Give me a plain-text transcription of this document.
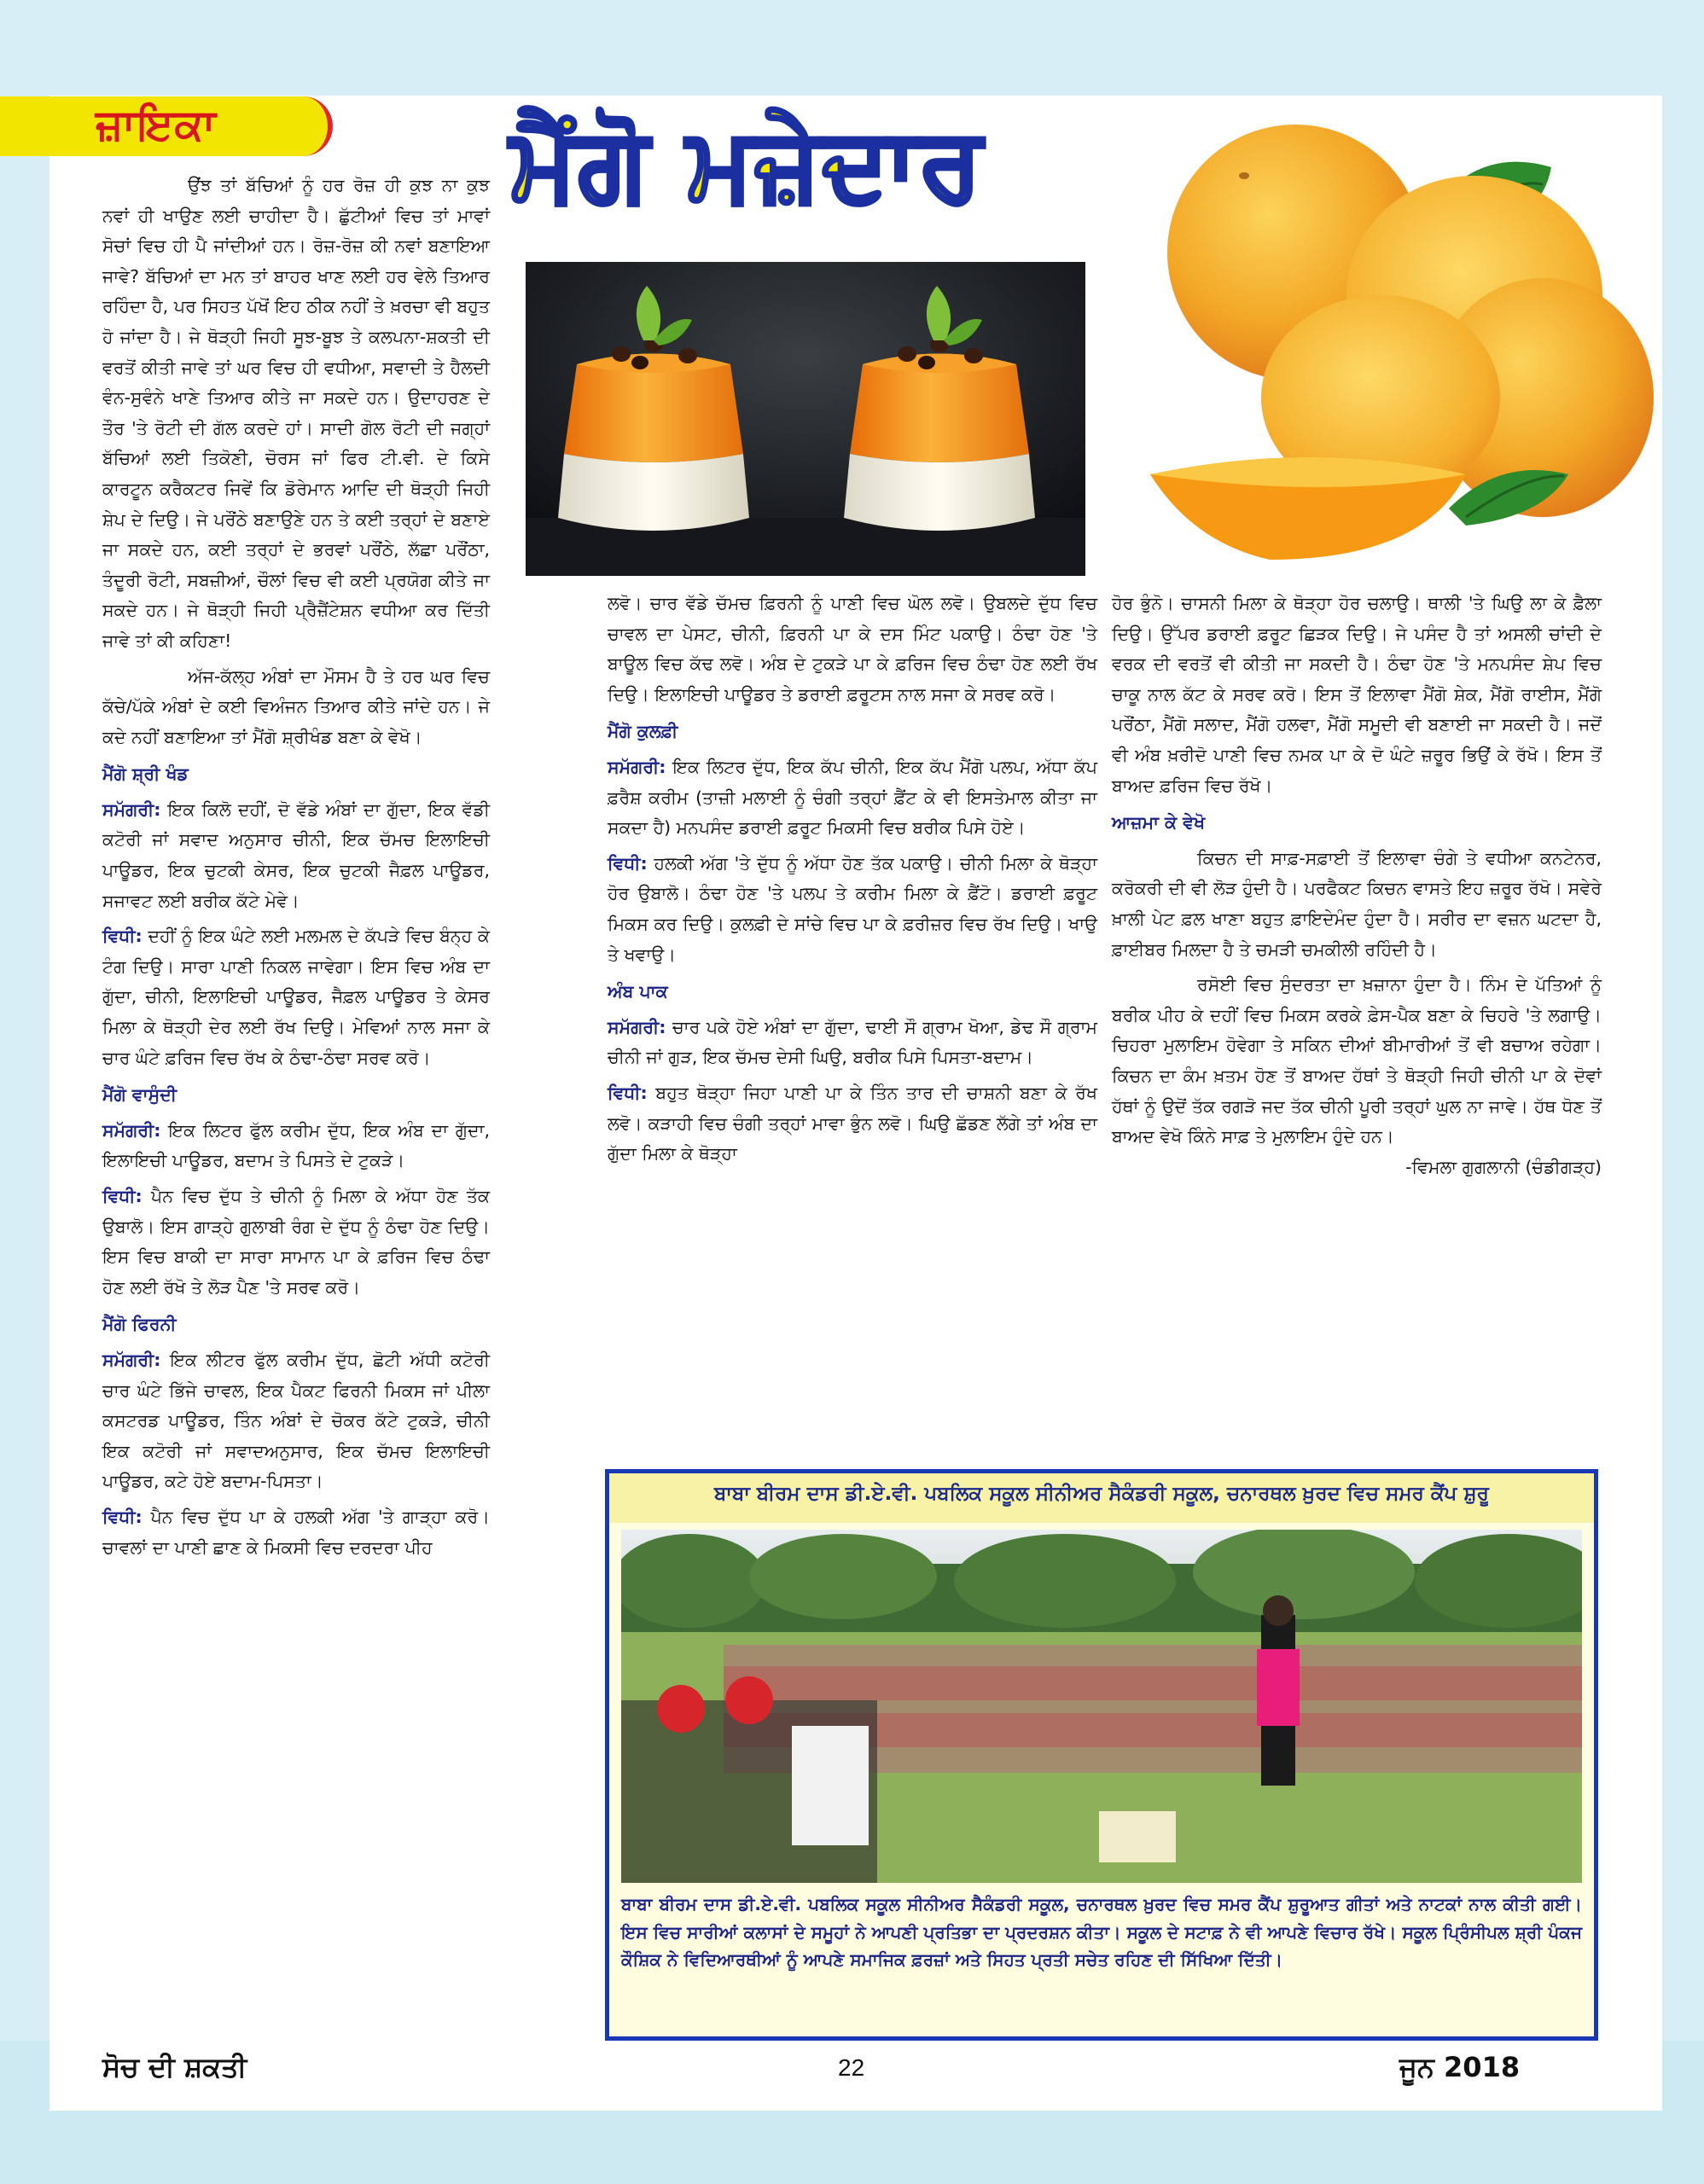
ਜ਼ਾਇਕਾ	ਮੈਂਗੋ ਮਜ਼ੇਦਾਰ

ਉਂਝ ਤਾਂ ਬੱਚਿਆਂ ਨੂੰ ਹਰ ਰੋਜ਼ ਹੀ ਕੁਝ ਨਾ ਕੁਝ ਨਵਾਂ ਹੀ ਖਾਉਣ ਲਈ ਚਾਹੀਦਾ ਹੈ। ਛੁੱਟੀਆਂ ਵਿਚ ਤਾਂ ਮਾਵਾਂ ਸੋਚਾਂ ਵਿਚ ਹੀ ਪੈ ਜਾਂਦੀਆਂ ਹਨ। ਰੋਜ਼-ਰੋਜ਼ ਕੀ ਨਵਾਂ ਬਣਾਇਆ ਜਾਵੇ? ਬੱਚਿਆਂ ਦਾ ਮਨ ਤਾਂ ਬਾਹਰ ਖਾਣ ਲਈ ਹਰ ਵੇਲੇ ਤਿਆਰ ਰਹਿੰਦਾ ਹੈ, ਪਰ ਸਿਹਤ ਪੱਖੋਂ ਇਹ ਠੀਕ ਨਹੀਂ ਤੇ ਖ਼ਰਚਾ ਵੀ ਬਹੁਤ ਹੋ ਜਾਂਦਾ ਹੈ। ਜੇ ਥੋੜ੍ਹੀ ਜਿਹੀ ਸੂਝ-ਬੂਝ ਤੇ ਕਲਪਨਾ-ਸ਼ਕਤੀ ਦੀ ਵਰਤੋਂ ਕੀਤੀ ਜਾਵੇ ਤਾਂ ਘਰ ਵਿਚ ਹੀ ਵਧੀਆ, ਸਵਾਦੀ ਤੇ ਹੈਲਦੀ ਵੰਨ-ਸੁਵੰਨੇ ਖਾਣੇ ਤਿਆਰ ਕੀਤੇ ਜਾ ਸਕਦੇ ਹਨ। ਉਦਾਹਰਣ ਦੇ ਤੌਰ 'ਤੇ ਰੋਟੀ ਦੀ ਗੱਲ ਕਰਦੇ ਹਾਂ। ਸਾਦੀ ਗੋਲ ਰੋਟੀ ਦੀ ਜਗ੍ਹਾਂ ਬੱਚਿਆਂ ਲਈ ਤਿਕੋਣੀ, ਚੋਰਸ ਜਾਂ ਫਿਰ ਟੀ.ਵੀ. ਦੇ ਕਿਸੇ ਕਾਰਟੂਨ ਕਰੈਕਟਰ ਜਿਵੇਂ ਕਿ ਡੋਰੇਮਾਨ ਆਦਿ ਦੀ ਥੋੜ੍ਹੀ ਜਿਹੀ ਸ਼ੇਪ ਦੇ ਦਿਉ। ਜੇ ਪਰੌਂਠੇ ਬਣਾਉਣੇ ਹਨ ਤੇ ਕਈ ਤਰ੍ਹਾਂ ਦੇ ਬਣਾਏ ਜਾ ਸਕਦੇ ਹਨ, ਕਈ ਤਰ੍ਹਾਂ ਦੇ ਭਰਵਾਂ ਪਰੌਂਠੇ, ਲੱਛਾ ਪਰੌਂਠਾ, ਤੰਦੂਰੀ ਰੋਟੀ, ਸਬਜ਼ੀਆਂ, ਚੌਲਾਂ ਵਿਚ ਵੀ ਕਈ ਪ੍ਰਯੋਗ ਕੀਤੇ ਜਾ ਸਕਦੇ ਹਨ। ਜੇ ਥੋੜ੍ਹੀ ਜਿਹੀ ਪ੍ਰੈਜ਼ੈਂਟੇਸ਼ਨ ਵਧੀਆ ਕਰ ਦਿੱਤੀ ਜਾਵੇ ਤਾਂ ਕੀ ਕਹਿਣਾ!

ਅੱਜ-ਕੱਲ੍ਹ ਅੰਬਾਂ ਦਾ ਮੌਸਮ ਹੈ ਤੇ ਹਰ ਘਰ ਵਿਚ ਕੱਚੇ/ਪੱਕੇ ਅੰਬਾਂ ਦੇ ਕਈ ਵਿਅੰਜਨ ਤਿਆਰ ਕੀਤੇ ਜਾਂਦੇ ਹਨ। ਜੇ ਕਦੇ ਨਹੀਂ ਬਣਾਇਆ ਤਾਂ ਮੈਂਗੋ ਸ਼੍ਰੀਖੰਡ ਬਣਾ ਕੇ ਵੇਖੋ।

ਮੈਂਗੋ ਸ਼੍ਰੀ ਖੰਡ

ਸਮੱਗਰੀ: ਇਕ ਕਿਲੋ ਦਹੀਂ, ਦੋ ਵੱਡੇ ਅੰਬਾਂ ਦਾ ਗੁੱਦਾ, ਇਕ ਵੱਡੀ ਕਟੋਰੀ ਜਾਂ ਸਵਾਦ ਅਨੁਸਾਰ ਚੀਨੀ, ਇਕ ਚੱਮਚ ਇਲਾਇਚੀ ਪਾਊਡਰ, ਇਕ ਚੁਟਕੀ ਕੇਸਰ, ਇਕ ਚੁਟਕੀ ਜੈਫ਼ਲ ਪਾਊਡਰ, ਸਜਾਵਟ ਲਈ ਬਰੀਕ ਕੱਟੇ ਮੇਵੇ।

ਵਿਧੀ: ਦਹੀਂ ਨੂੰ ਇਕ ਘੰਟੇ ਲਈ ਮਲਮਲ ਦੇ ਕੱਪੜੇ ਵਿਚ ਬੰਨ੍ਹ ਕੇ ਟੰਗ ਦਿਉ। ਸਾਰਾ ਪਾਣੀ ਨਿਕਲ ਜਾਵੇਗਾ। ਇਸ ਵਿਚ ਅੰਬ ਦਾ ਗੁੱਦਾ, ਚੀਨੀ, ਇਲਾਇਚੀ ਪਾਊਡਰ, ਜੈਫ਼ਲ ਪਾਊਡਰ ਤੇ ਕੇਸਰ ਮਿਲਾ ਕੇ ਥੋੜ੍ਹੀ ਦੇਰ ਲਈ ਰੱਖ ਦਿਉ। ਮੇਵਿਆਂ ਨਾਲ ਸਜਾ ਕੇ ਚਾਰ ਘੰਟੇ ਫ਼ਰਿਜ ਵਿਚ ਰੱਖ ਕੇ ਠੰਢਾ-ਠੰਢਾ ਸਰਵ ਕਰੋ।

ਮੈਂਗੋ ਵਾਸੁੰਦੀ

ਸਮੱਗਰੀ: ਇਕ ਲਿਟਰ ਫੁੱਲ ਕਰੀਮ ਦੁੱਧ, ਇਕ ਅੰਬ ਦਾ ਗੁੱਦਾ, ਇਲਾਇਚੀ ਪਾਊਡਰ, ਬਦਾਮ ਤੇ ਪਿਸਤੇ ਦੇ ਟੁਕੜੇ।

ਵਿਧੀ: ਪੈਨ ਵਿਚ ਦੁੱਧ ਤੇ ਚੀਨੀ ਨੂੰ ਮਿਲਾ ਕੇ ਅੱਧਾ ਹੋਣ ਤੱਕ ਉਬਾਲੋ। ਇਸ ਗਾੜ੍ਹੇ ਗੁਲਾਬੀ ਰੰਗ ਦੇ ਦੁੱਧ ਨੂੰ ਠੰਢਾ ਹੋਣ ਦਿਉ। ਇਸ ਵਿਚ ਬਾਕੀ ਦਾ ਸਾਰਾ ਸਾਮਾਨ ਪਾ ਕੇ ਫ਼ਰਿਜ ਵਿਚ ਠੰਢਾ ਹੋਣ ਲਈ ਰੱਖੋ ਤੇ ਲੋੜ ਪੈਣ 'ਤੇ ਸਰਵ ਕਰੋ।

ਮੈਂਗੋ ਫਿਰਨੀ

ਸਮੱਗਰੀ: ਇਕ ਲੀਟਰ ਫੁੱਲ ਕਰੀਮ ਦੁੱਧ, ਛੋਟੀ ਅੱਧੀ ਕਟੋਰੀ ਚਾਰ ਘੰਟੇ ਭਿੱਜੇ ਚਾਵਲ, ਇਕ ਪੈਕਟ ਫਿਰਨੀ ਮਿਕਸ ਜਾਂ ਪੀਲਾ ਕਸਟਰਡ ਪਾਊਡਰ, ਤਿੰਨ ਅੰਬਾਂ ਦੇ ਚੋਕਰ ਕੱਟੇ ਟੁਕੜੇ, ਚੀਨੀ ਇਕ ਕਟੋਰੀ ਜਾਂ ਸਵਾਦਅਨੁਸਾਰ, ਇਕ ਚੱਮਚ ਇਲਾਇਚੀ ਪਾਊਡਰ, ਕਟੇ ਹੋਏ ਬਦਾਮ-ਪਿਸਤਾ।

ਵਿਧੀ: ਪੈਨ ਵਿਚ ਦੁੱਧ ਪਾ ਕੇ ਹਲਕੀ ਅੱਗ 'ਤੇ ਗਾੜ੍ਹਾ ਕਰੋ। ਚਾਵਲਾਂ ਦਾ ਪਾਣੀ ਛਾਣ ਕੇ ਮਿਕਸੀ ਵਿਚ ਦਰਦਰਾ ਪੀਹ

ਲਵੋ। ਚਾਰ ਵੱਡੇ ਚੱਮਚ ਫ਼ਿਰਨੀ ਨੂੰ ਪਾਣੀ ਵਿਚ ਘੋਲ ਲਵੋ। ਉਬਲਦੇ ਦੁੱਧ ਵਿਚ ਚਾਵਲ ਦਾ ਪੇਸਟ, ਚੀਨੀ, ਫ਼ਿਰਨੀ ਪਾ ਕੇ ਦਸ ਮਿੰਟ ਪਕਾਉ। ਠੰਢਾ ਹੋਣ 'ਤੇ ਬਾਊਲ ਵਿਚ ਕੱਢ ਲਵੋ। ਅੰਬ ਦੇ ਟੁਕੜੇ ਪਾ ਕੇ ਫ਼ਰਿਜ ਵਿਚ ਠੰਢਾ ਹੋਣ ਲਈ ਰੱਖ ਦਿਉ। ਇਲਾਇਚੀ ਪਾਊਡਰ ਤੇ ਡਰਾਈ ਫ਼ਰੂਟਸ ਨਾਲ ਸਜਾ ਕੇ ਸਰਵ ਕਰੋ।

ਮੈਂਗੋ ਕੁਲਫ਼ੀ

ਸਮੱਗਰੀ: ਇਕ ਲਿਟਰ ਦੁੱਧ, ਇਕ ਕੱਪ ਚੀਨੀ, ਇਕ ਕੱਪ ਮੈਂਗੋ ਪਲਪ, ਅੱਧਾ ਕੱਪ ਫ਼ਰੈਸ਼ ਕਰੀਮ (ਤਾਜ਼ੀ ਮਲਾਈ ਨੂੰ ਚੰਗੀ ਤਰ੍ਹਾਂ ਫ਼ੈਂਟ ਕੇ ਵੀ ਇਸਤੇਮਾਲ ਕੀਤਾ ਜਾ ਸਕਦਾ ਹੈ) ਮਨਪਸੰਦ ਡਰਾਈ ਫ਼ਰੂਟ ਮਿਕਸੀ ਵਿਚ ਬਰੀਕ ਪਿਸੇ ਹੋਏ।

ਵਿਧੀ: ਹਲਕੀ ਅੱਗ 'ਤੇ ਦੁੱਧ ਨੂੰ ਅੱਧਾ ਹੋਣ ਤੱਕ ਪਕਾਉ। ਚੀਨੀ ਮਿਲਾ ਕੇ ਥੋੜ੍ਹਾ ਹੋਰ ਉਬਾਲੋ। ਠੰਢਾ ਹੋਣ 'ਤੇ ਪਲਪ ਤੇ ਕਰੀਮ ਮਿਲਾ ਕੇ ਫ਼ੈਂਟੋ। ਡਰਾਈ ਫ਼ਰੂਟ ਮਿਕਸ ਕਰ ਦਿਉ। ਕੁਲਫ਼ੀ ਦੇ ਸਾਂਚੇ ਵਿਚ ਪਾ ਕੇ ਫ਼ਰੀਜ਼ਰ ਵਿਚ ਰੱਖ ਦਿਉ। ਖਾਉ ਤੇ ਖਵਾਉ।

ਅੰਬ ਪਾਕ

ਸਮੱਗਰੀ: ਚਾਰ ਪਕੇ ਹੋਏ ਅੰਬਾਂ ਦਾ ਗੁੱਦਾ, ਢਾਈ ਸੌ ਗ੍ਰਾਮ ਖੋਆ, ਡੇਢ ਸੌ ਗ੍ਰਾਮ ਚੀਨੀ ਜਾਂ ਗੁੜ, ਇਕ ਚੱਮਚ ਦੇਸੀ ਘਿਉ, ਬਰੀਕ ਪਿਸੇ ਪਿਸਤਾ-ਬਦਾਮ।

ਵਿਧੀ: ਬਹੁਤ ਥੋੜ੍ਹਾ ਜਿਹਾ ਪਾਣੀ ਪਾ ਕੇ ਤਿੰਨ ਤਾਰ ਦੀ ਚਾਸ਼ਨੀ ਬਣਾ ਕੇ ਰੱਖ ਲਵੋ। ਕੜਾਹੀ ਵਿਚ ਚੰਗੀ ਤਰ੍ਹਾਂ ਮਾਵਾ ਭੁੰਨ ਲਵੋ। ਘਿਉ ਛੱਡਣ ਲੱਗੇ ਤਾਂ ਅੰਬ ਦਾ ਗੁੱਦਾ ਮਿਲਾ ਕੇ ਥੋੜ੍ਹਾ

ਹੋਰ ਭੁੰਨੋ। ਚਾਸਨੀ ਮਿਲਾ ਕੇ ਥੋੜ੍ਹਾ ਹੋਰ ਚਲਾਉ। ਥਾਲੀ 'ਤੇ ਘਿਉ ਲਾ ਕੇ ਫ਼ੈਲਾ ਦਿਉ। ਉੱਪਰ ਡਰਾਈ ਫ਼ਰੂਟ ਛਿੜਕ ਦਿਉ। ਜੇ ਪਸੰਦ ਹੈ ਤਾਂ ਅਸਲੀ ਚਾਂਦੀ ਦੇ ਵਰਕ ਦੀ ਵਰਤੋਂ ਵੀ ਕੀਤੀ ਜਾ ਸਕਦੀ ਹੈ। ਠੰਢਾ ਹੋਣ 'ਤੇ ਮਨਪਸੰਦ ਸ਼ੇਪ ਵਿਚ ਚਾਕੂ ਨਾਲ ਕੱਟ ਕੇ ਸਰਵ ਕਰੋ। ਇਸ ਤੋਂ ਇਲਾਵਾ ਮੈਂਗੋ ਸ਼ੇਕ, ਮੈਂਗੋ ਰਾਈਸ, ਮੈਂਗੋ ਪਰੌਂਠਾ, ਮੈਂਗੋ ਸਲਾਦ, ਮੈਂਗੋ ਹਲਵਾ, ਮੈਂਗੋ ਸਮੂਦੀ ਵੀ ਬਣਾਈ ਜਾ ਸਕਦੀ ਹੈ। ਜਦੋਂ ਵੀ ਅੰਬ ਖ਼ਰੀਦੋ ਪਾਣੀ ਵਿਚ ਨਮਕ ਪਾ ਕੇ ਦੋ ਘੰਟੇ ਜ਼ਰੂਰ ਭਿਉਂ ਕੇ ਰੱਖੋ। ਇਸ ਤੋਂ ਬਾਅਦ ਫ਼ਰਿਜ ਵਿਚ ਰੱਖੋ।

ਆਜ਼ਮਾ ਕੇ ਵੇਖੋ

ਕਿਚਨ ਦੀ ਸਾਫ਼-ਸਫ਼ਾਈ ਤੋਂ ਇਲਾਵਾ ਚੰਗੇ ਤੇ ਵਧੀਆ ਕਨਟੇਨਰ, ਕਰੋਕਰੀ ਦੀ ਵੀ ਲੋੜ ਹੁੰਦੀ ਹੈ। ਪਰਫੈਕਟ ਕਿਚਨ ਵਾਸਤੇ ਇਹ ਜ਼ਰੂਰ ਰੱਖੋ। ਸਵੇਰੇ ਖ਼ਾਲੀ ਪੇਟ ਫ਼ਲ ਖਾਣਾ ਬਹੁਤ ਫ਼ਾਇਦੇਮੰਦ ਹੁੰਦਾ ਹੈ। ਸਰੀਰ ਦਾ ਵਜ਼ਨ ਘਟਦਾ ਹੈ, ਫ਼ਾਈਬਰ ਮਿਲਦਾ ਹੈ ਤੇ ਚਮੜੀ ਚਮਕੀਲੀ ਰਹਿੰਦੀ ਹੈ।

ਰਸੋਈ ਵਿਚ ਸੁੰਦਰਤਾ ਦਾ ਖ਼ਜ਼ਾਨਾ ਹੁੰਦਾ ਹੈ। ਨਿੰਮ ਦੇ ਪੱਤਿਆਂ ਨੂੰ ਬਰੀਕ ਪੀਹ ਕੇ ਦਹੀਂ ਵਿਚ ਮਿਕਸ ਕਰਕੇ ਫ਼ੇਸ-ਪੈਕ ਬਣਾ ਕੇ ਚਿਹਰੇ 'ਤੇ ਲਗਾਉ। ਚਿਹਰਾ ਮੁਲਾਇਮ ਹੋਵੇਗਾ ਤੇ ਸਕਿਨ ਦੀਆਂ ਬੀਮਾਰੀਆਂ ਤੋਂ ਵੀ ਬਚਾਅ ਰਹੇਗਾ। ਕਿਚਨ ਦਾ ਕੰਮ ਖ਼ਤਮ ਹੋਣ ਤੋਂ ਬਾਅਦ ਹੱਥਾਂ ਤੇ ਥੋੜ੍ਹੀ ਜਿਹੀ ਚੀਨੀ ਪਾ ਕੇ ਦੋਵਾਂ ਹੱਥਾਂ ਨੂੰ ਉਦੋਂ ਤੱਕ ਰਗੜੋ ਜਦ ਤੱਕ ਚੀਨੀ ਪੂਰੀ ਤਰ੍ਹਾਂ ਘੁਲ ਨਾ ਜਾਵੇ। ਹੱਥ ਧੋਣ ਤੋਂ ਬਾਅਦ ਵੇਖੋ ਕਿੰਨੇ ਸਾਫ਼ ਤੇ ਮੁਲਾਇਮ ਹੁੰਦੇ ਹਨ।
-ਵਿਮਲਾ ਗੁਗਲਾਨੀ (ਚੰਡੀਗੜ੍ਹ)

ਬਾਬਾ ਬੀਰਮ ਦਾਸ ਡੀ.ਏ.ਵੀ. ਪਬਲਿਕ ਸਕੂਲ ਸੀਨੀਅਰ ਸੈਕੰਡਰੀ ਸਕੂਲ, ਚਨਾਰਥਲ ਖ਼ੁਰਦ ਵਿਚ ਸਮਰ ਕੈਂਪ ਸ਼ੁਰੂ
ਬਾਬਾ ਬੀਰਮ ਦਾਸ ਡੀ.ਏ.ਵੀ. ਪਬਲਿਕ ਸਕੂਲ ਸੀਨੀਅਰ ਸੈਕੰਡਰੀ ਸਕੂਲ, ਚਨਾਰਥਲ ਖ਼ੁਰਦ ਵਿਚ ਸਮਰ ਕੈਂਪ ਸ਼ੁਰੂਆਤ ਗੀਤਾਂ ਅਤੇ ਨਾਟਕਾਂ ਨਾਲ ਕੀਤੀ ਗਈ। ਇਸ ਵਿਚ ਸਾਰੀਆਂ ਕਲਾਸਾਂ ਦੇ ਸਮੂਹਾਂ ਨੇ ਆਪਣੀ ਪ੍ਰਤਿਭਾ ਦਾ ਪ੍ਰਦਰਸ਼ਨ ਕੀਤਾ। ਸਕੂਲ ਦੇ ਸਟਾਫ਼ ਨੇ ਵੀ ਆਪਣੇ ਵਿਚਾਰ ਰੱਖੇ। ਸਕੂਲ ਪ੍ਰਿੰਸੀਪਲ ਸ਼੍ਰੀ ਪੰਕਜ ਕੌਸ਼ਿਕ ਨੇ ਵਿਦਿਆਰਥੀਆਂ ਨੂੰ ਆਪਣੇ ਸਮਾਜਿਕ ਫ਼ਰਜ਼ਾਂ ਅਤੇ ਸਿਹਤ ਪ੍ਰਤੀ ਸਚੇਤ ਰਹਿਣ ਦੀ ਸਿੱਖਿਆ ਦਿੱਤੀ।
ਸੋਚ ਦੀ ਸ਼ਕਤੀ	22	ਜੂਨ 2018
